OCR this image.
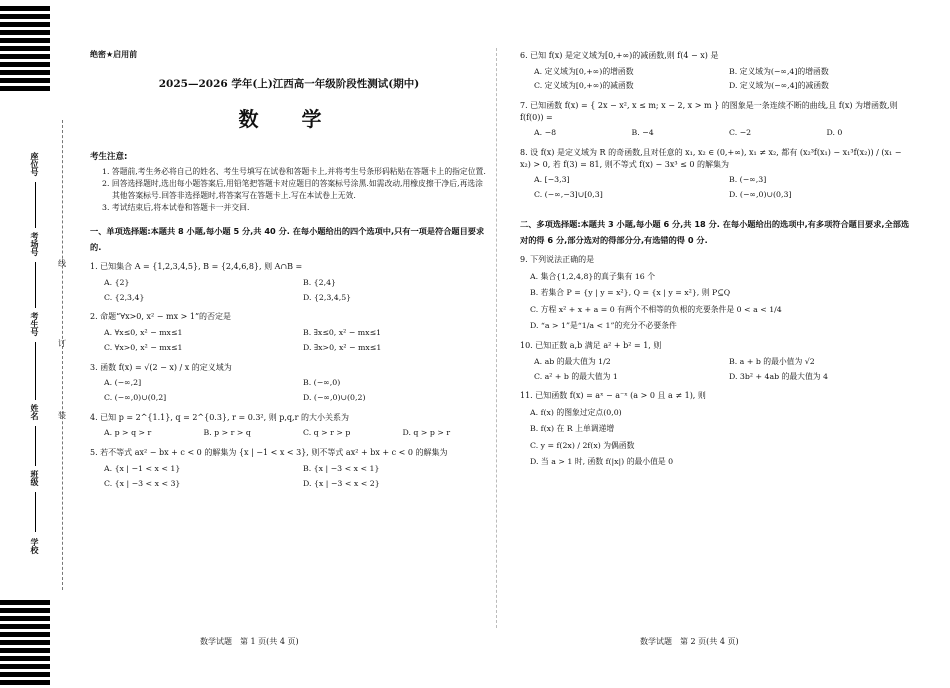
座位号
考场号
考生号
姓名
班级
学校
线
订
装
绝密★启用前
2025—2026 学年(上)江西高一年级阶段性测试(期中)
数 学
考生注意:
1. 答题前,考生务必将自己的姓名、考生号填写在试卷和答题卡上,并将考生号条形码粘贴在答题卡上的指定位置.
2. 回答选择题时,选出每小题答案后,用铅笔把答题卡对应题目的答案标号涂黑.如需改动,用橡皮擦干净后,再选涂其他答案标号.回答非选择题时,将答案写在答题卡上.写在本试卷上无效.
3. 考试结束后,将本试卷和答题卡一并交回.
一、单项选择题:本题共 8 小题,每小题 5 分,共 40 分. 在每小题给出的四个选项中,只有一项是符合题目要求的.
1. 已知集合 A = {1,2,3,4,5}, B = {2,4,6,8}, 则 A∩B =
A. {2}	B. {2,4}
C. {2,3,4}	D. {2,3,4,5}
2. 命题“∀x>0, x² − mx > 1”的否定是
A. ∀x≤0, x² − mx≤1	B. ∃x≤0, x² − mx≤1
C. ∀x>0, x² − mx≤1	D. ∃x>0, x² − mx≤1
3. 函数 f(x) = √(2 − x) / x 的定义域为
A. (−∞,2]	B. (−∞,0)
C. (−∞,0)∪(0,2]	D. (−∞,0)∪(0,2)
4. 已知 p = 2^{1.1}, q = 2^{0.3}, r = 0.3², 则 p,q,r 的大小关系为
A. p > q > r	B. p > r > q	C. q > r > p	D. q > p > r
5. 若不等式 ax² − bx + c < 0 的解集为 {x | −1 < x < 3}, 则不等式 ax² + bx + c < 0 的解集为
A. {x | −1 < x < 1}	B. {x | −3 < x < 1}
C. {x | −3 < x < 3}	D. {x | −3 < x < 2}
6. 已知 f(x) 是定义域为[0,+∞)的减函数,则 f(4 − x) 是
A. 定义域为[0,+∞)的增函数	B. 定义域为(−∞,4]的增函数
C. 定义域为[0,+∞)的减函数	D. 定义域为(−∞,4]的减函数
7. 已知函数 f(x) = { 2x − x², x ≤ m; x − 2, x > m } 的图象是一条连续不断的曲线,且 f(x) 为增函数,则 f(f(0)) =
A. −8	B. −4	C. −2	D. 0
8. 设 f(x) 是定义域为 R 的奇函数,且对任意的 x₁, x₂ ∈ (0,+∞), x₁ ≠ x₂, 都有 (x₂³f(x₁) − x₁³f(x₂)) / (x₁ − x₂) > 0, 若 f(3) = 81, 则不等式 f(x) − 3x³ ≤ 0 的解集为
A. [−3,3]	B. (−∞,3]
C. (−∞,−3]∪[0,3]	D. (−∞,0)∪(0,3]
二、多项选择题:本题共 3 小题,每小题 6 分,共 18 分. 在每小题给出的选项中,有多项符合题目要求,全部选对的得 6 分,部分选对的得部分分,有选错的得 0 分.
9. 下列说法正确的是
A. 集合{1,2,4,8}的真子集有 16 个
B. 若集合 P = {y | y = x²}, Q = {x | y = x²}, 则 P⊆Q
C. 方程 x² + x + a = 0 有两个不相等的负根的充要条件是 0 < a < 1/4
D. “a > 1”是“1/a < 1”的充分不必要条件
10. 已知正数 a,b 满足 a² + b² = 1, 则
A. ab 的最大值为 1/2	B. a + b 的最小值为 √2
C. a² + b 的最大值为 1	D. 3b² + 4ab 的最大值为 4
11. 已知函数 f(x) = aˣ − a⁻ˣ (a > 0 且 a ≠ 1), 则
A. f(x) 的图象过定点(0,0)
B. f(x) 在 R 上单调递增
C. y = f(2x) / 2f(x) 为偶函数
D. 当 a > 1 时, 函数 f(|x|) 的最小值是 0
数学试题　第 1 页(共 4 页)	数学试题　第 2 页(共 4 页)
